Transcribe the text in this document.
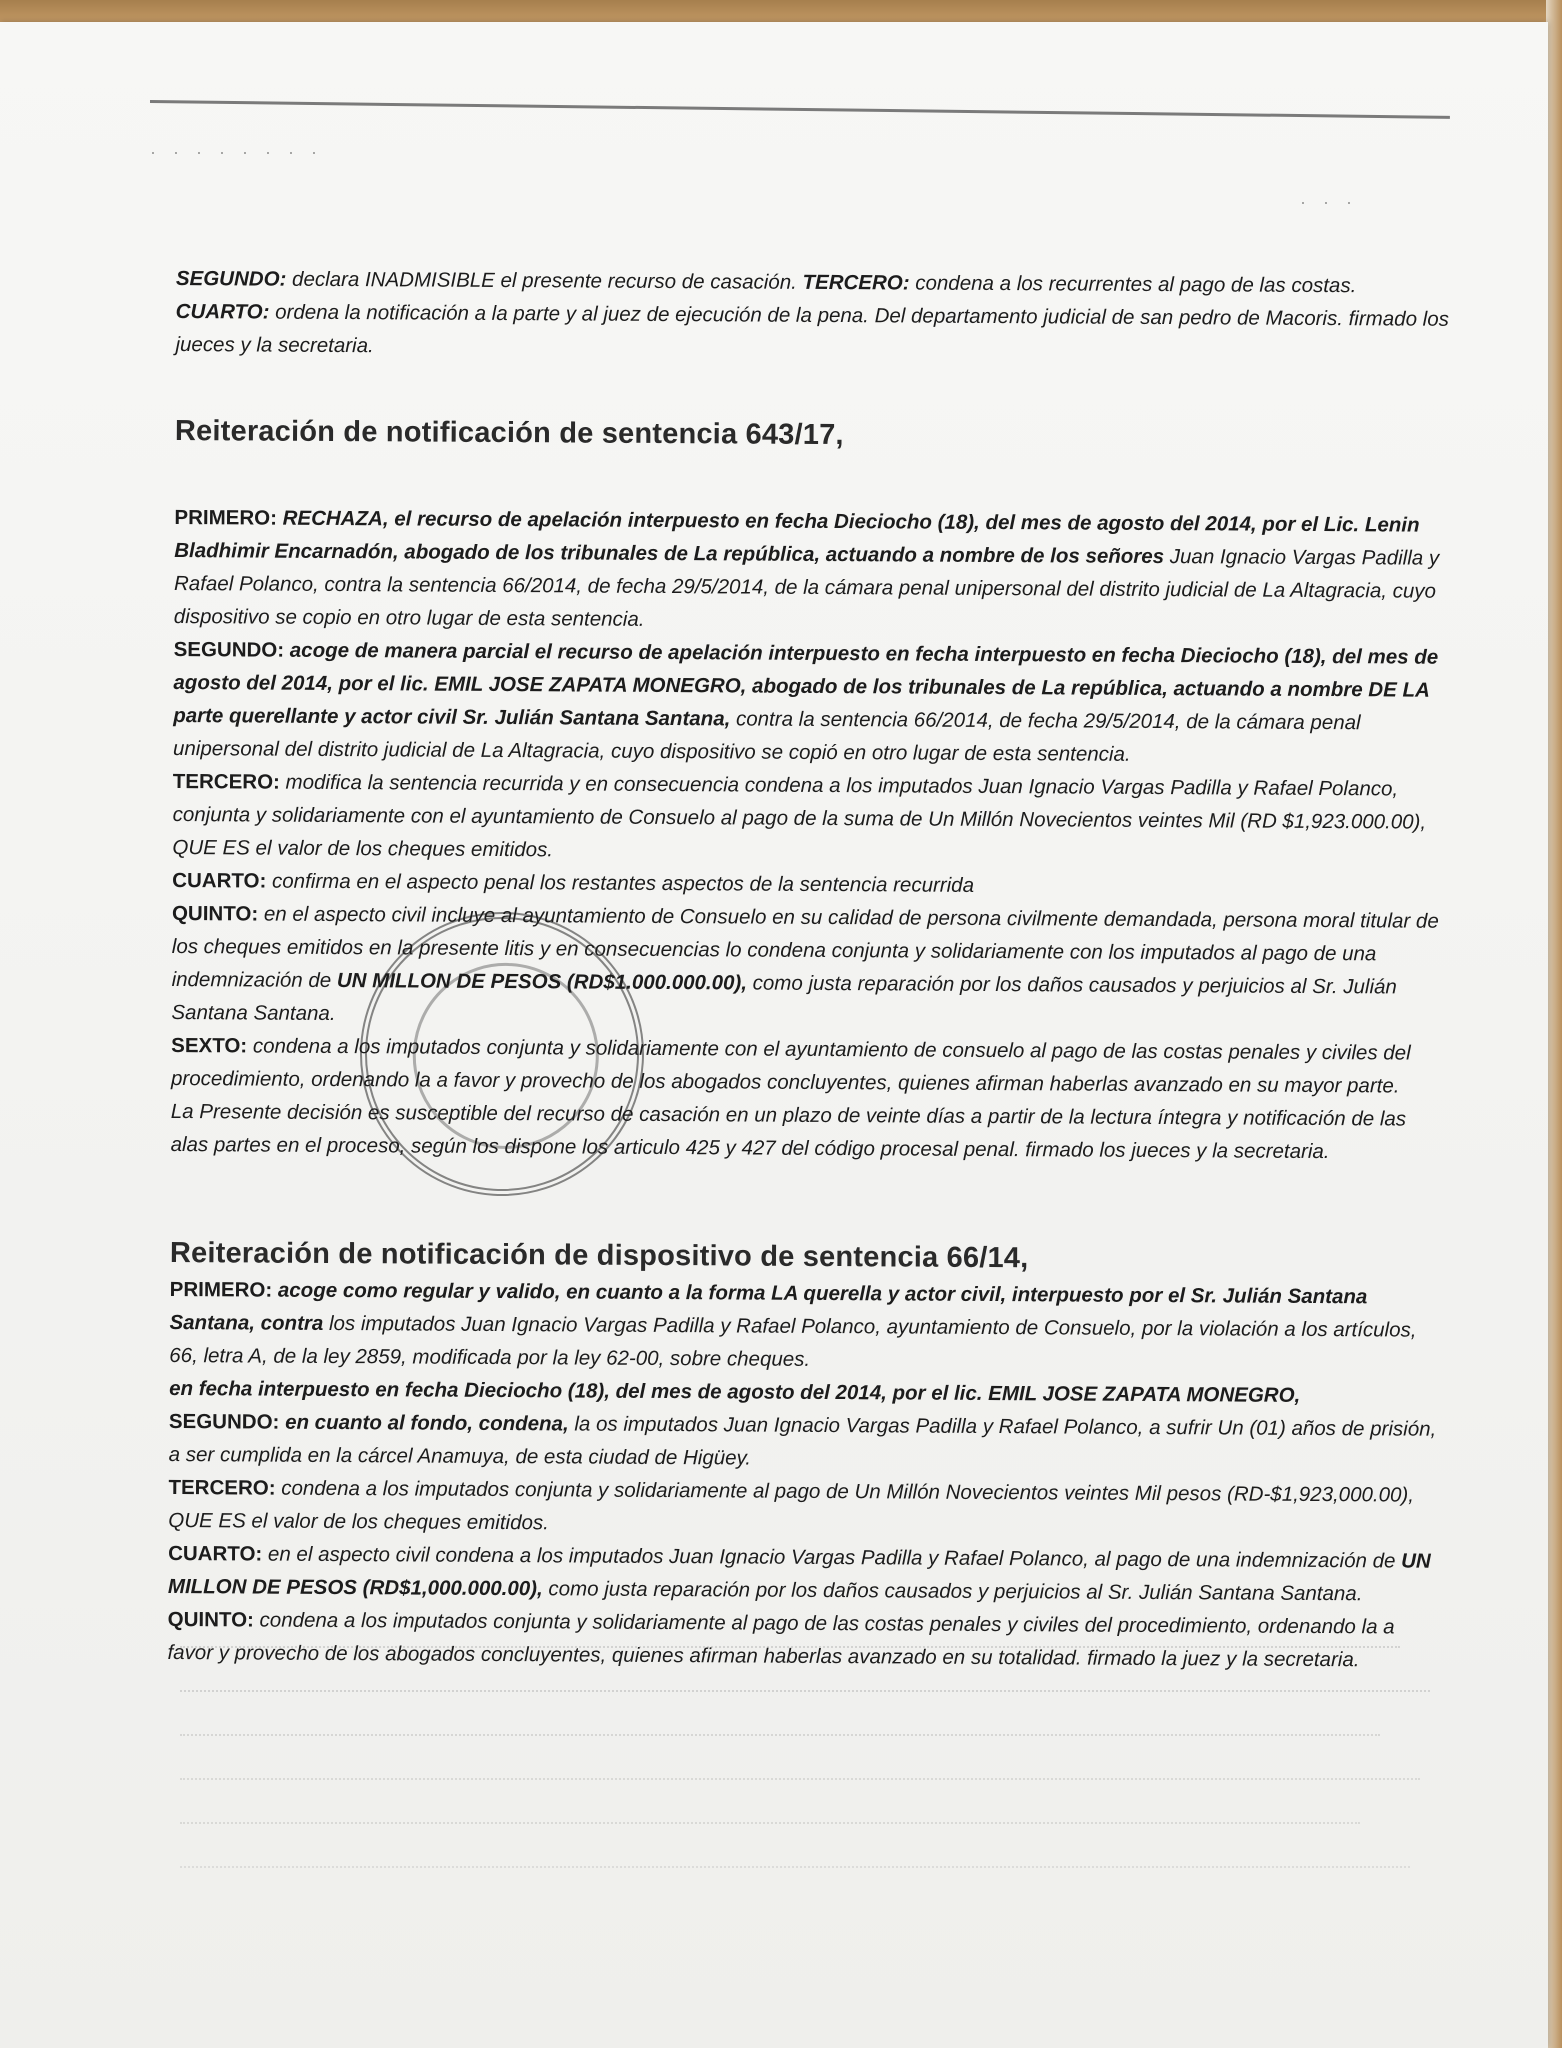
· · · · · · · ·
· · ·

SEGUNDO: declara INADMISIBLE el presente recurso de casación. TERCERO: condena a los recurrentes al pago de las costas. CUARTO: ordena la notificación a la parte y al juez de ejecución de la pena. Del departamento judicial de san pedro de Macoris. firmado los jueces y la secretaria.

Reiteración de notificación de sentencia 643/17,

PRIMERO: RECHAZA, el recurso de apelación interpuesto en fecha Dieciocho (18), del mes de agosto del 2014, por el Lic. Lenin Bladhimir Encarnadón, abogado de los tribunales de La república, actuando a nombre de los señores Juan Ignacio Vargas Padilla y Rafael Polanco, contra la sentencia 66/2014, de fecha 29/5/2014, de la cámara penal unipersonal del distrito judicial de La Altagracia, cuyo dispositivo se copio en otro lugar de esta sentencia.

SEGUNDO: acoge de manera parcial el recurso de apelación interpuesto en fecha interpuesto en fecha Dieciocho (18), del mes de agosto del 2014, por el lic. EMIL JOSE ZAPATA MONEGRO, abogado de los tribunales de La república, actuando a nombre DE LA parte querellante y actor civil Sr. Julián Santana Santana, contra la sentencia 66/2014, de fecha 29/5/2014, de la cámara penal unipersonal del distrito judicial de La Altagracia, cuyo dispositivo se copió en otro lugar de esta sentencia.

TERCERO: modifica la sentencia recurrida y en consecuencia condena a los imputados Juan Ignacio Vargas Padilla y Rafael Polanco, conjunta y solidariamente con el ayuntamiento de Consuelo al pago de la suma de Un Millón Novecientos veintes Mil (RD $1,923.000.00), QUE ES el valor de los cheques emitidos.

CUARTO: confirma en el aspecto penal los restantes aspectos de la sentencia recurrida

QUINTO: en el aspecto civil incluye al ayuntamiento de Consuelo en su calidad de persona civilmente demandada, persona moral titular de los cheques emitidos en la presente litis y en consecuencias lo condena conjunta y solidariamente con los imputados al pago de una indemnización de UN MILLON DE PESOS (RD$1.000.000.00), como justa reparación por los daños causados y perjuicios al Sr. Julián Santana Santana.

SEXTO: condena a los imputados conjunta y solidariamente con el ayuntamiento de consuelo al pago de las costas penales y civiles del procedimiento, ordenando la a favor y provecho de los abogados concluyentes, quienes afirman haberlas avanzado en su mayor parte.

La Presente decisión es susceptible del recurso de casación en un plazo de veinte días a partir de la lectura íntegra y notificación de las alas partes en el proceso, según los dispone los articulo 425 y 427 del código procesal penal. firmado los jueces y la secretaria.

Reiteración de notificación de dispositivo de sentencia 66/14,

PRIMERO: acoge como regular y valido, en cuanto a la forma LA querella y actor civil, interpuesto por el Sr. Julián Santana Santana, contra los imputados Juan Ignacio Vargas Padilla y Rafael Polanco, ayuntamiento de Consuelo, por la violación a los artículos, 66, letra A, de la ley 2859, modificada por la ley 62-00, sobre cheques.

en fecha interpuesto en fecha Dieciocho (18), del mes de agosto del 2014, por el lic. EMIL JOSE ZAPATA MONEGRO,

SEGUNDO: en cuanto al fondo, condena, la os imputados Juan Ignacio Vargas Padilla y Rafael Polanco, a sufrir Un (01) años de prisión, a ser cumplida en la cárcel Anamuya, de esta ciudad de Higüey.

TERCERO: condena a los imputados conjunta y solidariamente al pago de Un Millón Novecientos veintes Mil pesos (RD-$1,923,000.00), QUE ES el valor de los cheques emitidos.

CUARTO: en el aspecto civil condena a los imputados Juan Ignacio Vargas Padilla y Rafael Polanco, al pago de una indemnización de UN MILLON DE PESOS (RD$1,000.000.00), como justa reparación por los daños causados y perjuicios al Sr. Julián Santana Santana.

QUINTO: condena a los imputados conjunta y solidariamente al pago de las costas penales y civiles del procedimiento, ordenando la a favor y provecho de los abogados concluyentes, quienes afirman haberlas avanzado en su totalidad. firmado la juez y la secretaria.
